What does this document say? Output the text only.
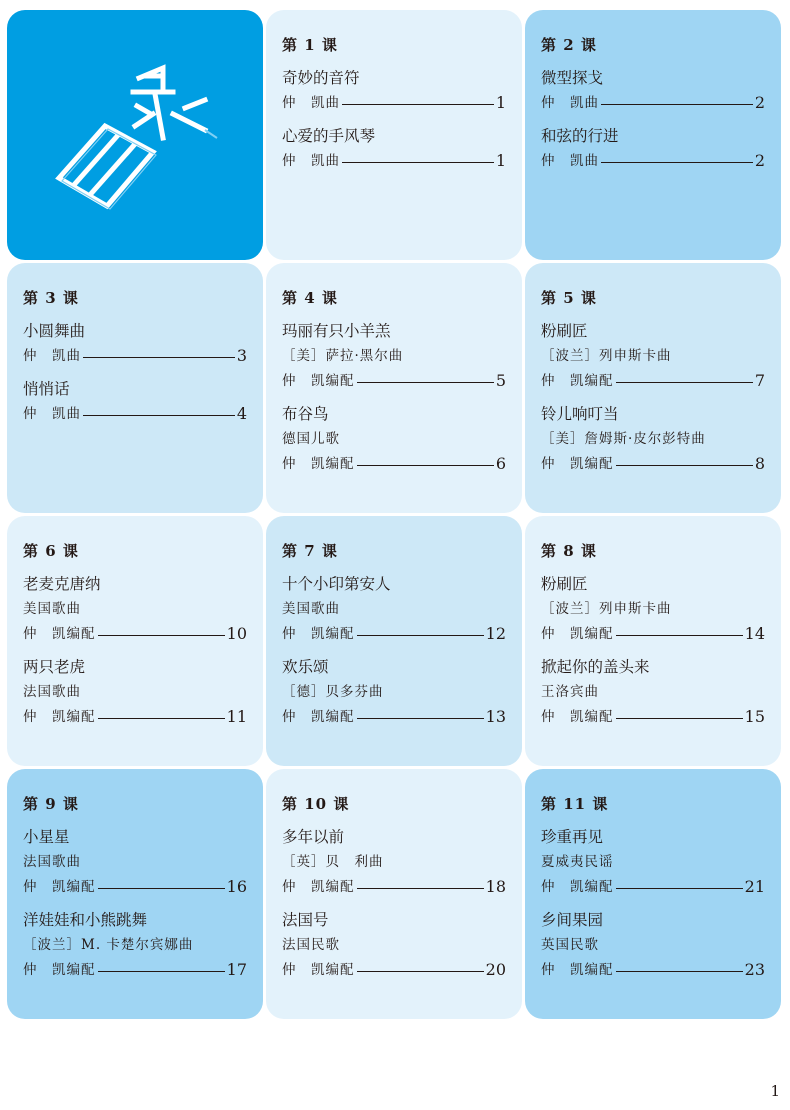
第 1 课
奇妙的音符
仲　凯曲	1
心爱的手风琴
仲　凯曲	1
第 2 课
微型探戈
仲　凯曲	2
和弦的行进
仲　凯曲	2
第 3 课
小圆舞曲
仲　凯曲	3
悄悄话
仲　凯曲	4
第 4 课
玛丽有只小羊羔
［美］萨拉·黑尔曲
仲　凯编配	5
布谷鸟
德国儿歌
仲　凯编配	6
第 5 课
粉刷匠
［波兰］列申斯卡曲
仲　凯编配	7
铃儿响叮当
［美］詹姆斯·皮尔彭特曲
仲　凯编配	8
第 6 课
老麦克唐纳
美国歌曲
仲　凯编配	10
两只老虎
法国歌曲
仲　凯编配	11
第 7 课
十个小印第安人
美国歌曲
仲　凯编配	12
欢乐颂
［德］贝多芬曲
仲　凯编配	13
第 8 课
粉刷匠
［波兰］列申斯卡曲
仲　凯编配	14
掀起你的盖头来
王洛宾曲
仲　凯编配	15
第 9 课
小星星
法国歌曲
仲　凯编配	16
洋娃娃和小熊跳舞
［波兰］M. 卡楚尔宾娜曲
仲　凯编配	17
第 10 课
多年以前
［英］贝　利曲
仲　凯编配	18
法国号
法国民歌
仲　凯编配	20
第 11 课
珍重再见
夏威夷民谣
仲　凯编配	21
乡间果园
英国民歌
仲　凯编配	23
1
